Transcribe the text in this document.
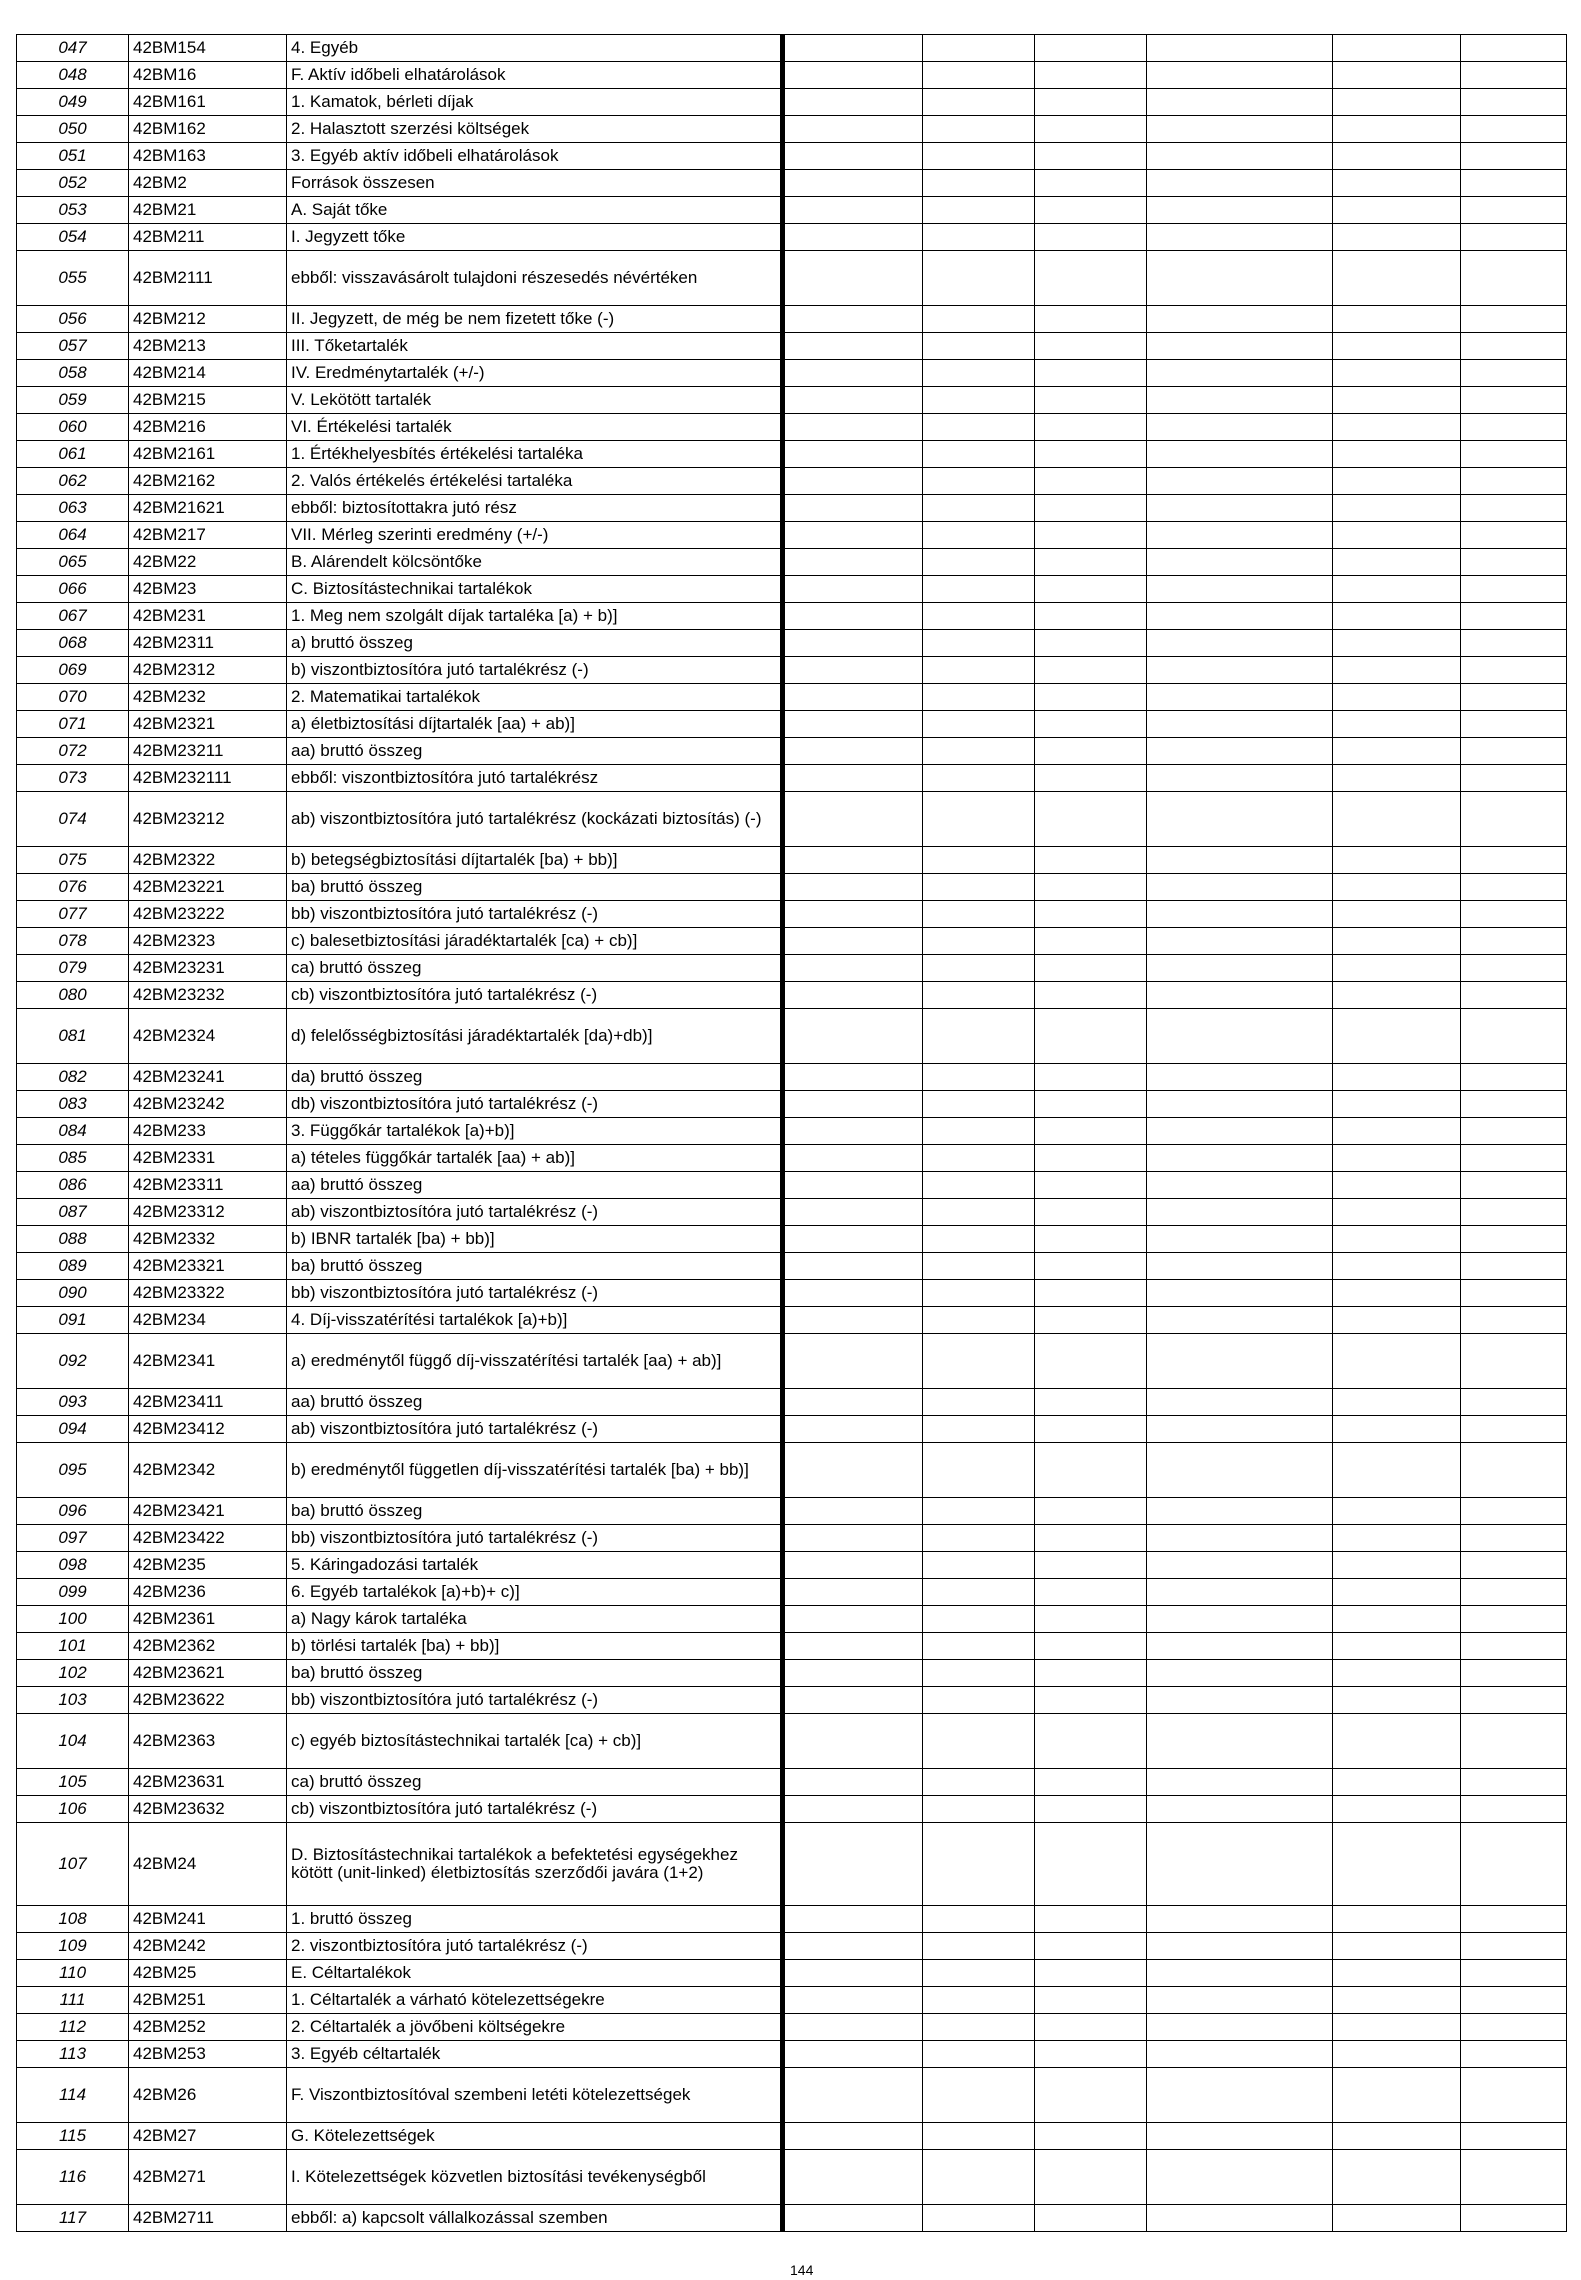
047	42BM154	4. Egyéb						
048	42BM16	F. Aktív időbeli elhatárolások						
049	42BM161	1. Kamatok, bérleti díjak						
050	42BM162	2. Halasztott szerzési költségek						
051	42BM163	3. Egyéb aktív időbeli elhatárolások						
052	42BM2	Források összesen						
053	42BM21	A. Saját tőke						
054	42BM211	I. Jegyzett tőke						
055	42BM2111	ebből: visszavásárolt tulajdoni részesedés névértéken						
056	42BM212	II. Jegyzett, de még be nem fizetett tőke (-)						
057	42BM213	III. Tőketartalék						
058	42BM214	IV. Eredménytartalék (+/-)						
059	42BM215	V. Lekötött tartalék						
060	42BM216	VI. Értékelési tartalék						
061	42BM2161	1. Értékhelyesbítés értékelési tartaléka						
062	42BM2162	2. Valós értékelés értékelési tartaléka						
063	42BM21621	ebből: biztosítottakra jutó rész						
064	42BM217	VII. Mérleg szerinti eredmény (+/-)						
065	42BM22	B. Alárendelt kölcsöntőke						
066	42BM23	C. Biztosítástechnikai tartalékok						
067	42BM231	1. Meg nem szolgált díjak tartaléka [a) + b)]						
068	42BM2311	a) bruttó összeg						
069	42BM2312	b) viszontbiztosítóra jutó tartalékrész (-)						
070	42BM232	2. Matematikai tartalékok						
071	42BM2321	a) életbiztosítási díjtartalék [aa) + ab)]						
072	42BM23211	aa) bruttó összeg						
073	42BM232111	ebből: viszontbiztosítóra jutó tartalékrész						
074	42BM23212	ab) viszontbiztosítóra jutó tartalékrész (kockázati biztosítás) (-)						
075	42BM2322	b) betegségbiztosítási díjtartalék [ba) + bb)]						
076	42BM23221	ba) bruttó összeg						
077	42BM23222	bb) viszontbiztosítóra jutó tartalékrész (-)						
078	42BM2323	c) balesetbiztosítási járadéktartalék [ca) + cb)]						
079	42BM23231	ca) bruttó összeg						
080	42BM23232	cb) viszontbiztosítóra jutó tartalékrész (-)						
081	42BM2324	d) felelősségbiztosítási járadéktartalék [da)+db)]						
082	42BM23241	da) bruttó összeg						
083	42BM23242	db) viszontbiztosítóra jutó tartalékrész (-)						
084	42BM233	3. Függőkár tartalékok [a)+b)]						
085	42BM2331	a) tételes függőkár tartalék [aa) + ab)]						
086	42BM23311	aa) bruttó összeg						
087	42BM23312	ab) viszontbiztosítóra jutó tartalékrész (-)						
088	42BM2332	b) IBNR tartalék [ba) + bb)]						
089	42BM23321	ba) bruttó összeg						
090	42BM23322	bb) viszontbiztosítóra jutó tartalékrész (-)						
091	42BM234	4. Díj-visszatérítési tartalékok [a)+b)]						
092	42BM2341	a) eredménytől függő díj-visszatérítési tartalék [aa) + ab)]						
093	42BM23411	aa) bruttó összeg						
094	42BM23412	ab) viszontbiztosítóra jutó tartalékrész (-)						
095	42BM2342	b) eredménytől független díj-visszatérítési tartalék [ba) + bb)]						
096	42BM23421	ba) bruttó összeg						
097	42BM23422	bb) viszontbiztosítóra jutó tartalékrész (-)						
098	42BM235	5. Káringadozási tartalék						
099	42BM236	6. Egyéb tartalékok [a)+b)+ c)]						
100	42BM2361	a) Nagy károk tartaléka						
101	42BM2362	b) törlési tartalék [ba) + bb)]						
102	42BM23621	ba) bruttó összeg						
103	42BM23622	bb) viszontbiztosítóra jutó tartalékrész (-)						
104	42BM2363	c) egyéb biztosítástechnikai tartalék [ca) + cb)]						
105	42BM23631	ca) bruttó összeg						
106	42BM23632	cb) viszontbiztosítóra jutó tartalékrész (-)						
107	42BM24	D. Biztosítástechnikai tartalékok a befektetési egységekhez kötött (unit-linked) életbiztosítás szerződői javára (1+2)						
108	42BM241	1. bruttó összeg						
109	42BM242	2. viszontbiztosítóra jutó tartalékrész (-)						
110	42BM25	E. Céltartalékok						
111	42BM251	1. Céltartalék a várható kötelezettségekre						
112	42BM252	2. Céltartalék a jövőbeni költségekre						
113	42BM253	3. Egyéb céltartalék						
114	42BM26	F. Viszontbiztosítóval szembeni letéti kötelezettségek						
115	42BM27	G. Kötelezettségek						
116	42BM271	I. Kötelezettségek közvetlen biztosítási tevékenységből						
117	42BM2711	ebből: a) kapcsolt vállalkozással szemben						
144
